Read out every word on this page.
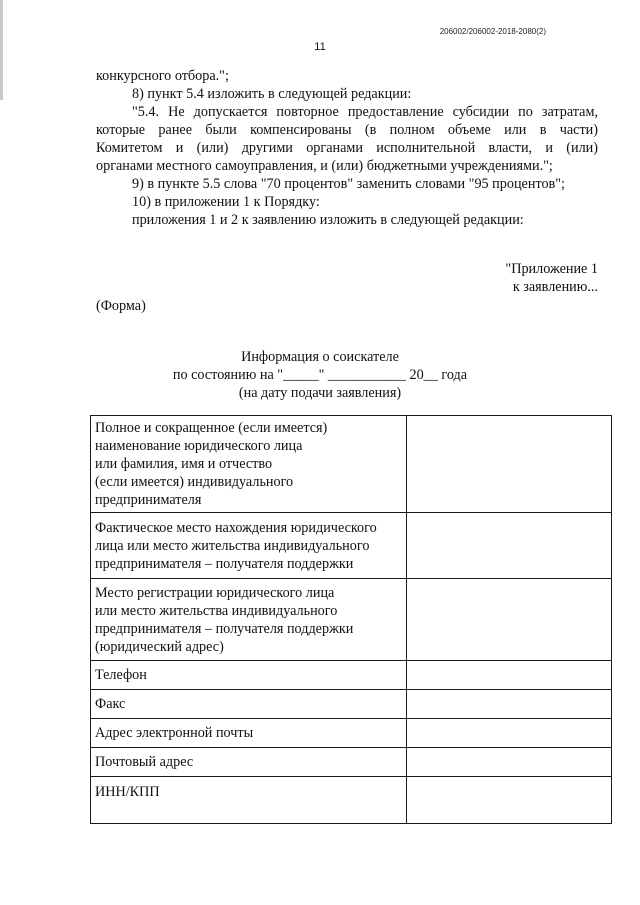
206002/206002-2018-2080(2)
11
конкурсного отбора.";
8) пункт 5.4 изложить в следующей редакции:
"5.4. Не допускается повторное предоставление субсидии по затратам,
которые ранее были компенсированы (в полном объеме или в части)
Комитетом и (или) другими органами исполнительной власти, и (или)
органами местного самоуправления, и (или) бюджетными учреждениями.";
9) в пункте 5.5 слова "70 процентов" заменить словами "95 процентов";
10) в приложении 1 к Порядку:
приложения 1 и 2 к заявлению изложить в следующей редакции:
"Приложение 1
к заявлению...
(Форма)
Информация о соискателе
по состоянию на "_____" ___________ 20__ года
(на дату подачи заявления)
Полное и сокращенное (если имеется)
наименование юридического лица
или фамилия, имя и отчество
(если имеется) индивидуального
предпринимателя	

Фактическое место нахождения юридического
лица или место жительства индивидуального
предпринимателя – получателя поддержки	

Место регистрации юридического лица
или место жительства индивидуального
предпринимателя – получателя поддержки
(юридический адрес)	

Телефон	
Факс	
Адрес электронной почты	
Почтовый адрес	
ИНН/КПП	
